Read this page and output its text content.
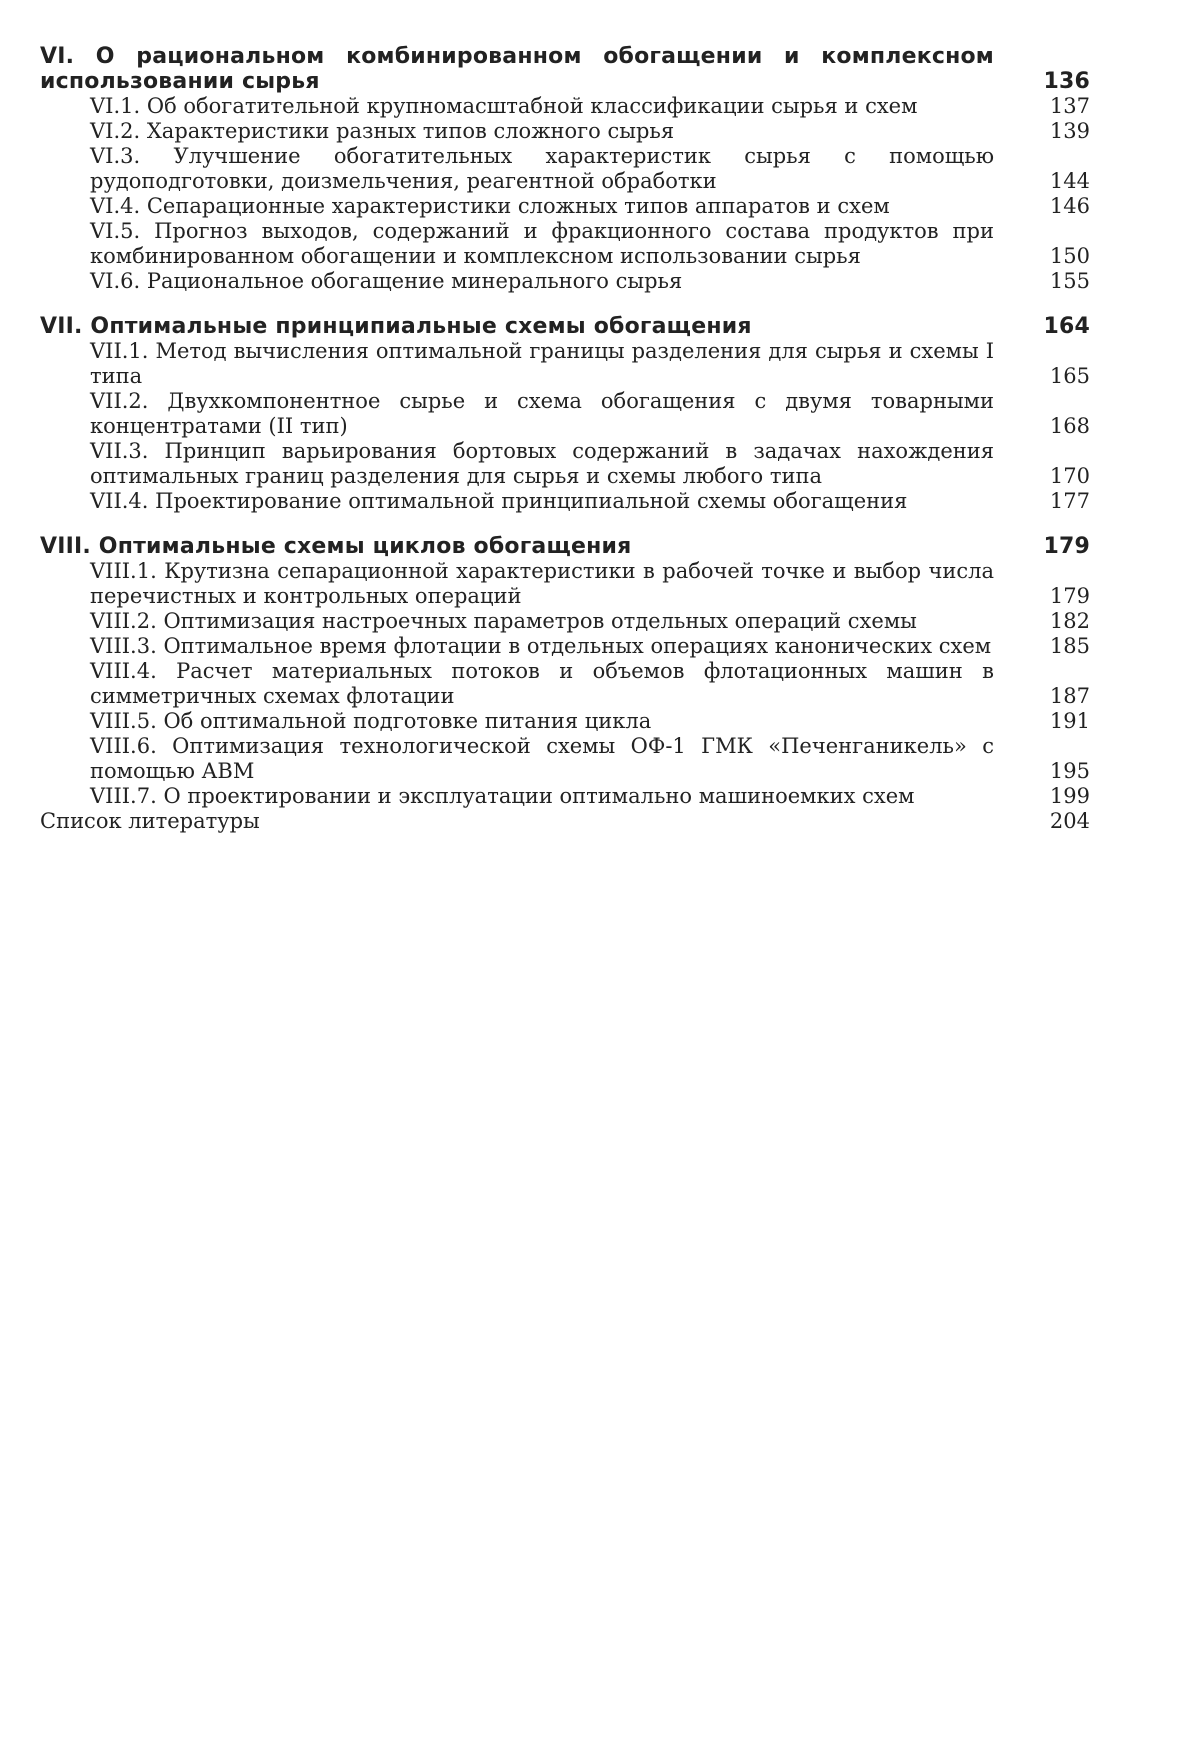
VI. О рациональном комбинированном обогащении и комплексном использовании сырья	136
VI.1. Об обогатительной крупномасштабной классификации сырья и схем	137
VI.2. Характеристики разных типов сложного сырья	139
VI.3. Улучшение обогатительных характеристик сырья с помощью рудоподготовки, доизмельчения, реагентной обработки	144
VI.4. Сепарационные характеристики сложных типов аппаратов и схем	146
VI.5. Прогноз выходов, содержаний и фракционного состава продуктов при комбинированном обогащении и комплексном использовании сырья	150
VI.6. Рациональное обогащение минерального сырья	155
VII. Оптимальные принципиальные схемы обогащения	164
VII.1. Метод вычисления оптимальной границы разделения для сырья и схемы I типа	165
VII.2. Двухкомпонентное сырье и схема обогащения с двумя товарными концентратами (II тип)	168
VII.3. Принцип варьирования бортовых содержаний в задачах нахождения оптимальных границ разделения для сырья и схемы любого типа	170
VII.4. Проектирование оптимальной принципиальной схемы обогащения	177
VIII. Оптимальные схемы циклов обогащения	179
VIII.1. Крутизна сепарационной характеристики в рабочей точке и выбор числа перечистных и контрольных операций	179
VIII.2. Оптимизация настроечных параметров отдельных операций схемы	182
VIII.3. Оптимальное время флотации в отдельных операциях канонических схем	185
VIII.4. Расчет материальных потоков и объемов флотационных машин в симметричных схемах флотации	187
VIII.5. Об оптимальной подготовке питания цикла	191
VIII.6. Оптимизация технологической схемы ОФ-1 ГМК «Печенганикель» с помощью АВМ	195
VIII.7. О проектировании и эксплуатации оптимально машиноемких схем	199
Список литературы	204
